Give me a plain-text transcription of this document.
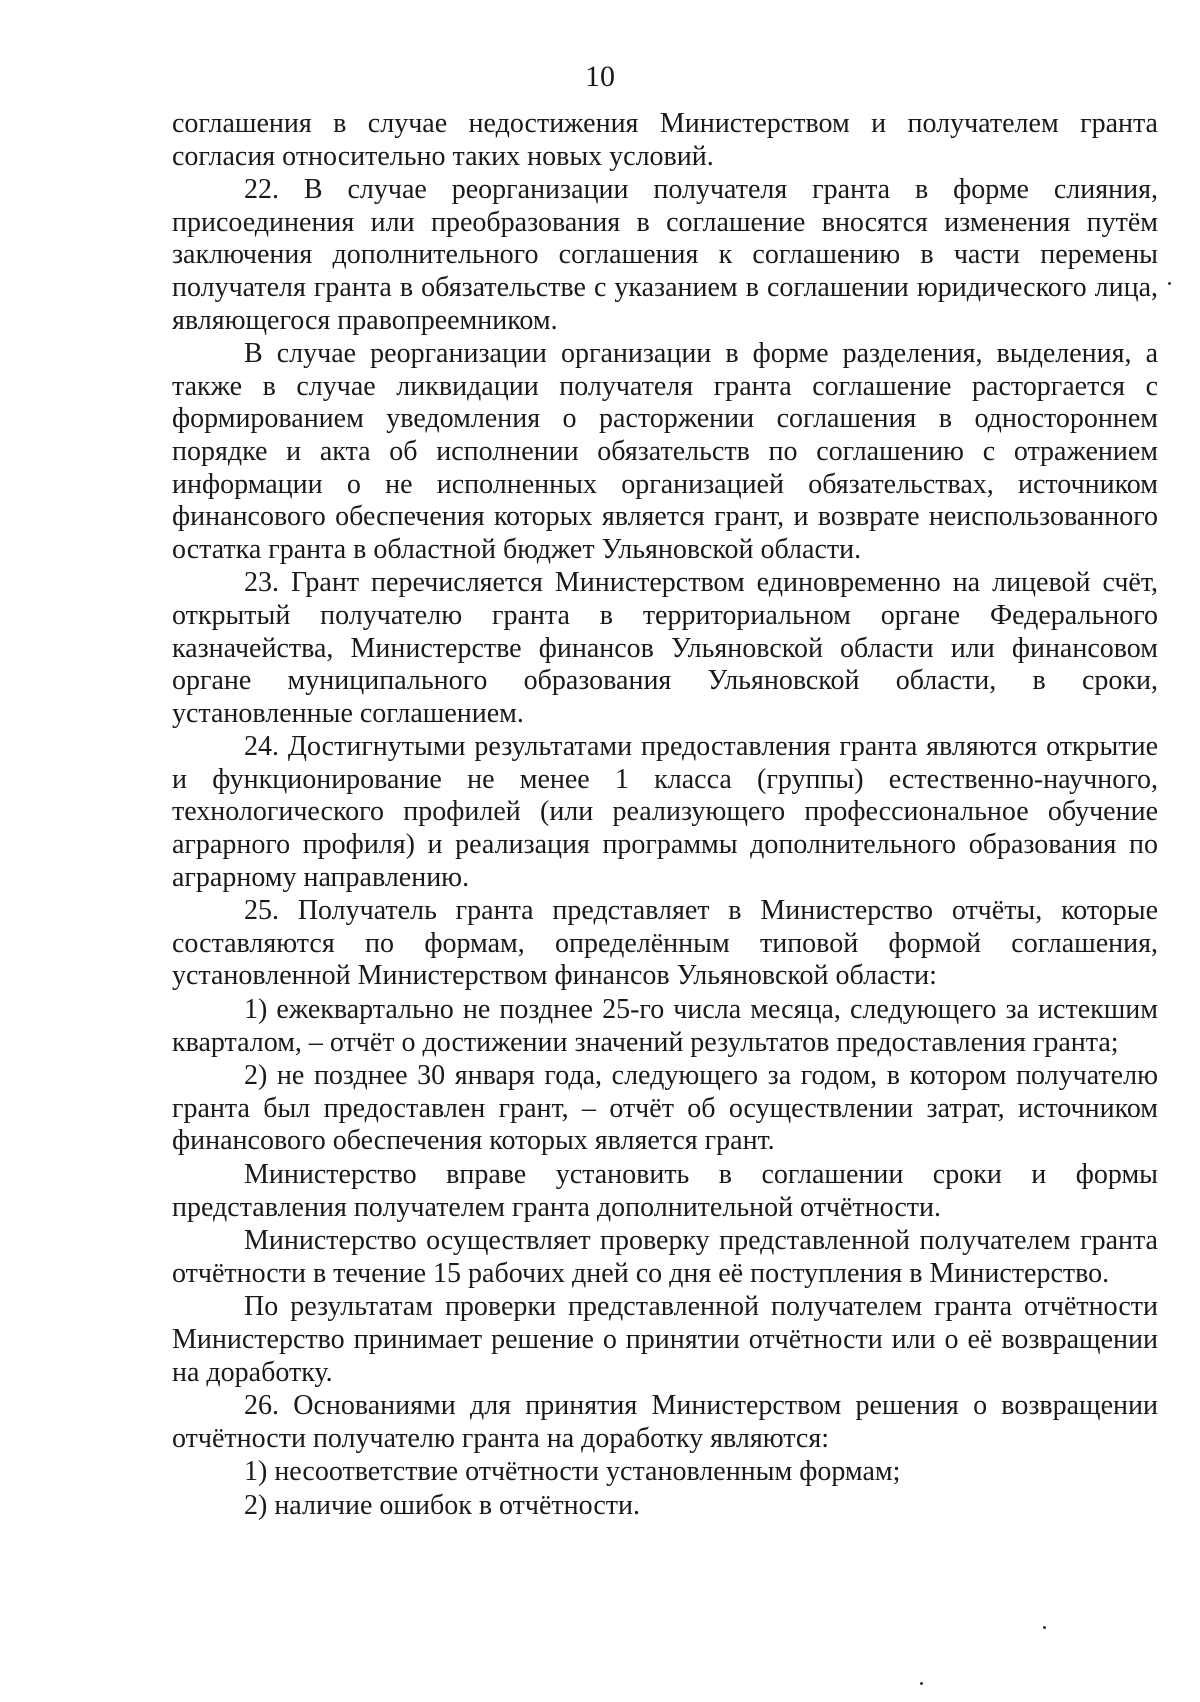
10

соглашения в случае недостижения Министерством и получателем гранта согласия относительно таких новых условий.

22. В случае реорганизации получателя гранта в форме слияния, присоединения или преобразования в соглашение вносятся изменения путём заключения дополнительного соглашения к соглашению в части перемены получателя гранта в обязательстве с указанием в соглашении юридического лица, являющегося правопреемником.

В случае реорганизации организации в форме разделения, выделения, а также в случае ликвидации получателя гранта соглашение расторгается с формированием уведомления о расторжении соглашения в одностороннем порядке и акта об исполнении обязательств по соглашению с отражением информации о не исполненных организацией обязательствах, источником финансового обеспечения которых является грант, и возврате неиспользованного остатка гранта в областной бюджет Ульяновской области.

23. Грант перечисляется Министерством единовременно на лицевой счёт, открытый получателю гранта в территориальном органе Федерального казначейства, Министерстве финансов Ульяновской области или финансовом органе муниципального образования Ульяновской области, в сроки, установленные соглашением.

24. Достигнутыми результатами предоставления гранта являются открытие и функционирование не менее 1 класса (группы) естественно-научного, технологического профилей (или реализующего профессиональное обучение аграрного профиля) и реализация программы дополнительного образования по аграрному направлению.

25. Получатель гранта представляет в Министерство отчёты, которые составляются по формам, определённым типовой формой соглашения, установленной Министерством финансов Ульяновской области:

1) ежеквартально не позднее 25-го числа месяца, следующего за истекшим кварталом, – отчёт о достижении значений результатов предоставления гранта;

2) не позднее 30 января года, следующего за годом, в котором получателю гранта был предоставлен грант, – отчёт об осуществлении затрат, источником финансового обеспечения которых является грант.

Министерство вправе установить в соглашении сроки и формы представления получателем гранта дополнительной отчётности.

Министерство осуществляет проверку представленной получателем гранта отчётности в течение 15 рабочих дней со дня её поступления в Министерство.

По результатам проверки представленной получателем гранта отчётности Министерство принимает решение о принятии отчётности или о её возвращении на доработку.

26. Основаниями для принятия Министерством решения о возвращении отчётности получателю гранта на доработку являются:

1) несоответствие отчётности установленным формам;

2) наличие ошибок в отчётности.
